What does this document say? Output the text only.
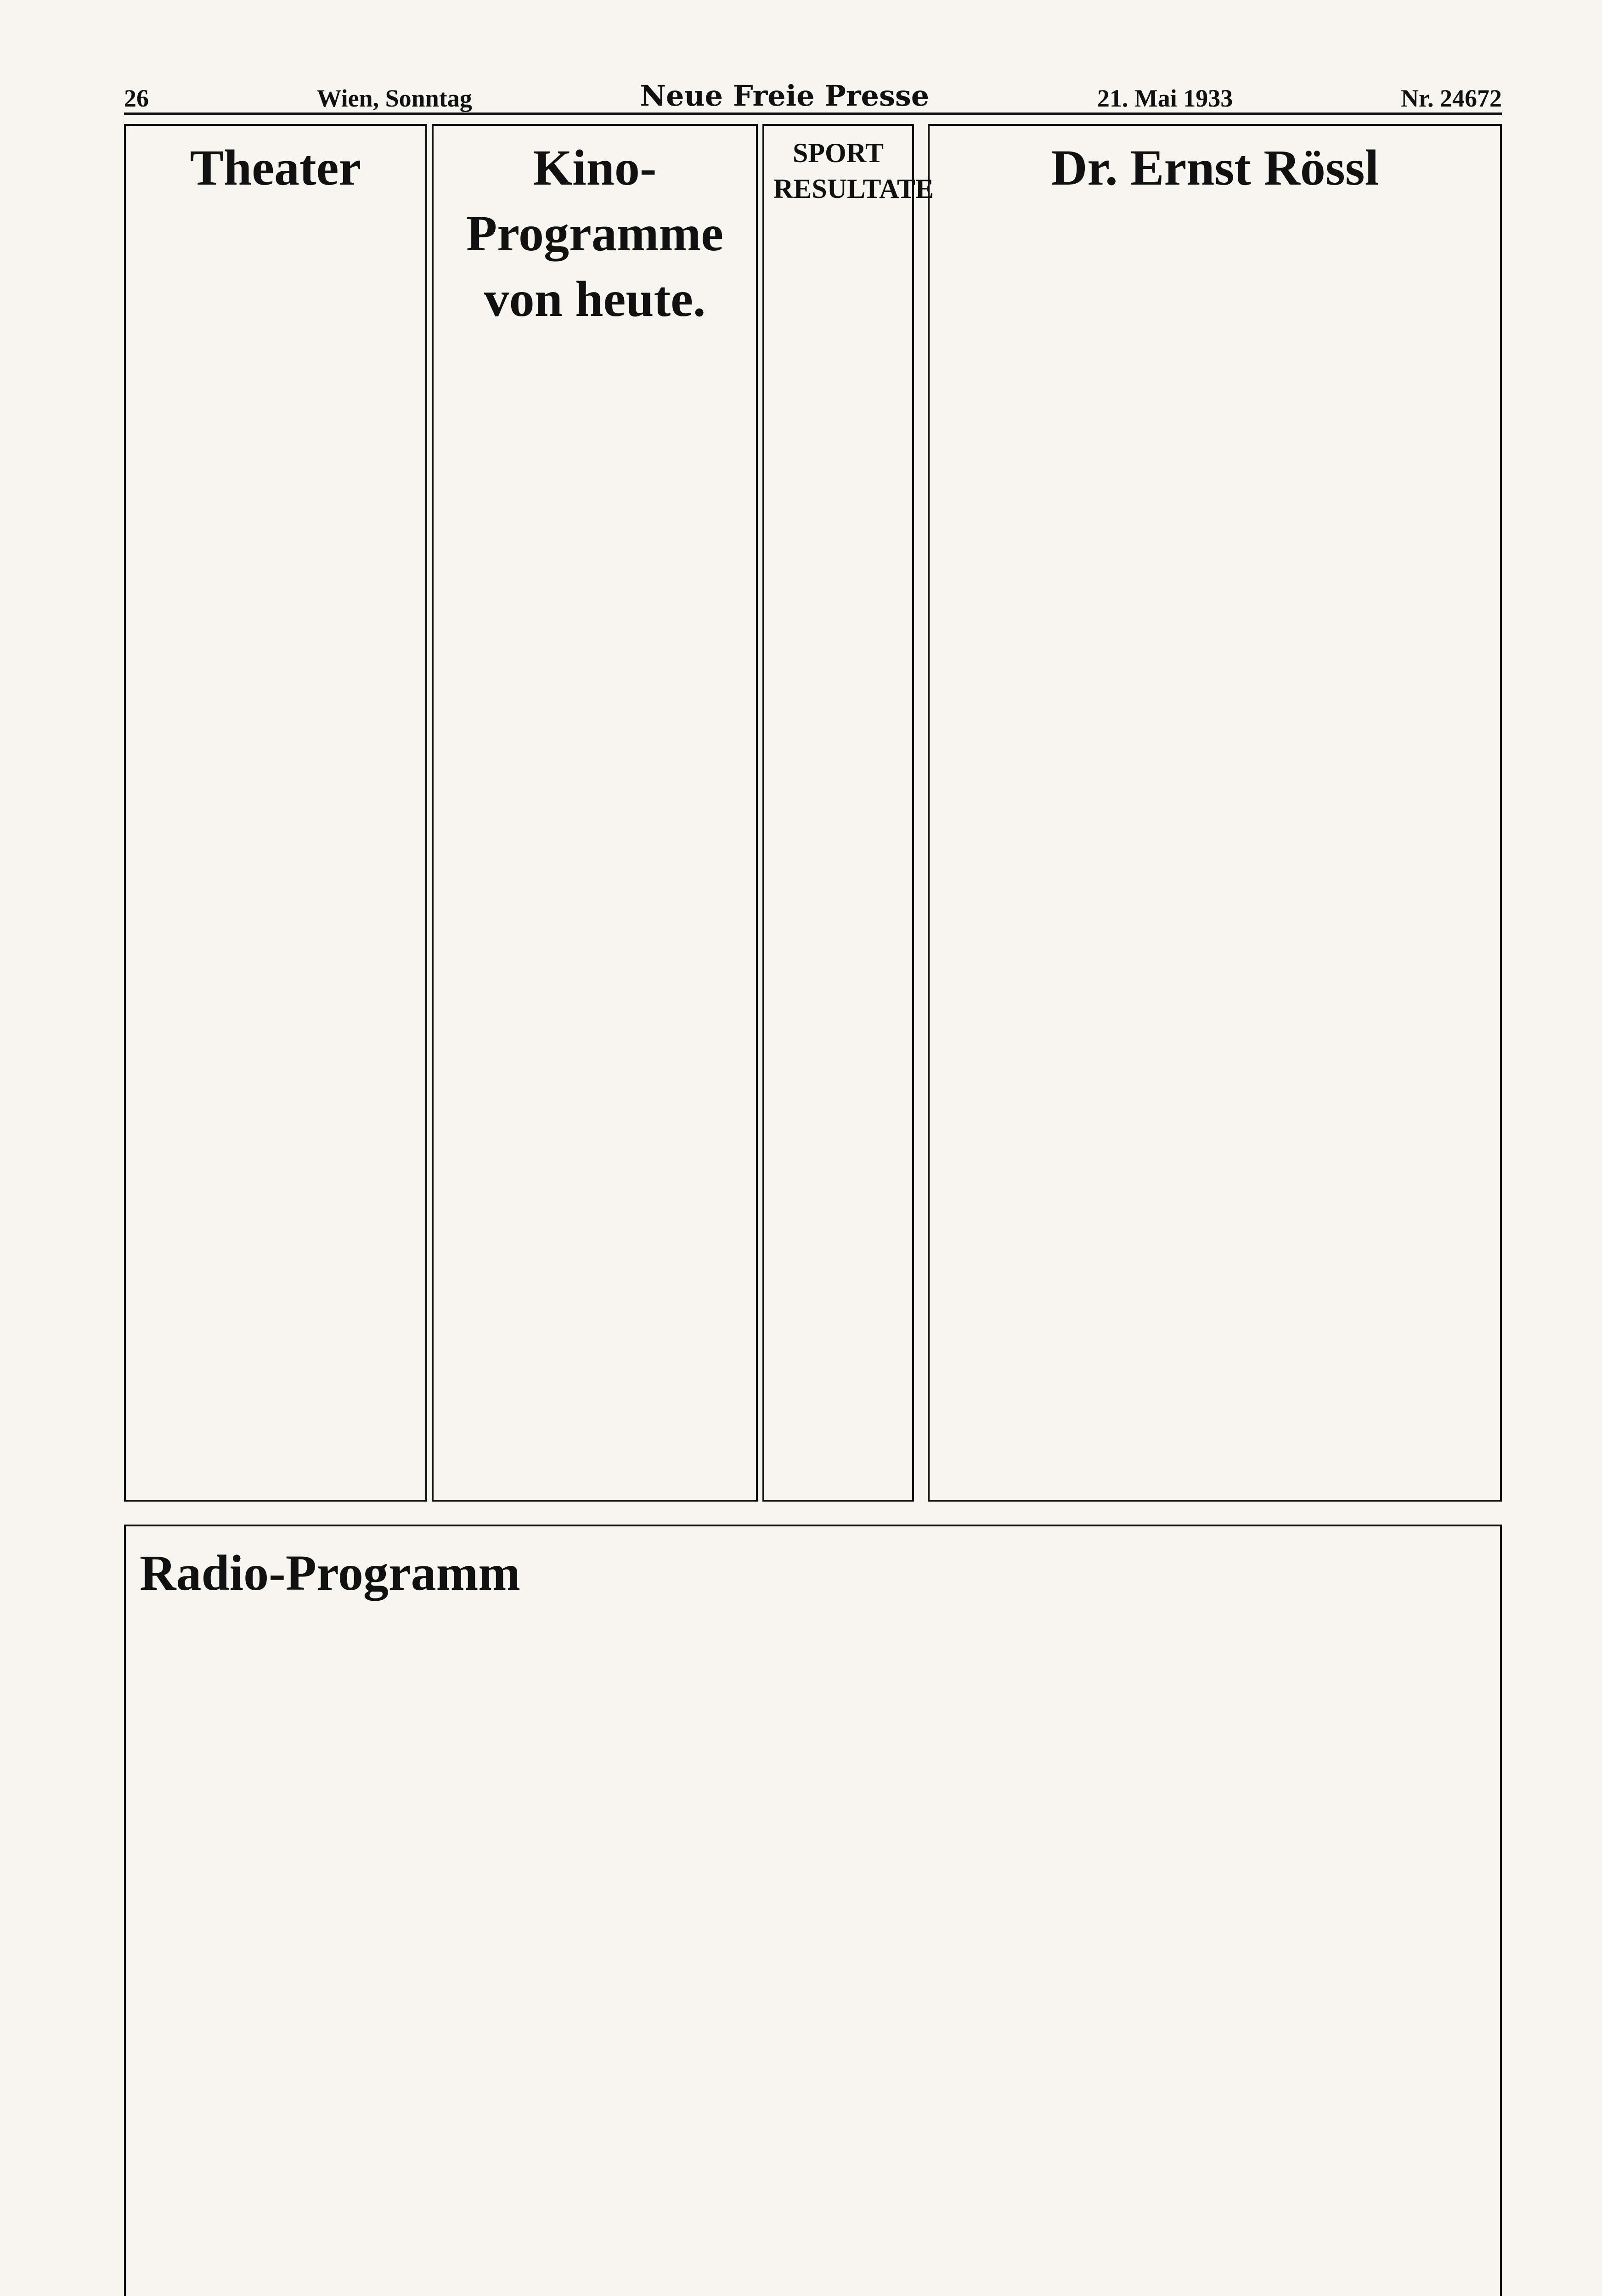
26	Wien, Sonntag	Neue Freie Presse	21. Mai 1933	Nr. 24672
Theater	Kino-Programme von heute.
SPORT RESULTATE	Dr. Ernst Rössl
Radio-Programm
